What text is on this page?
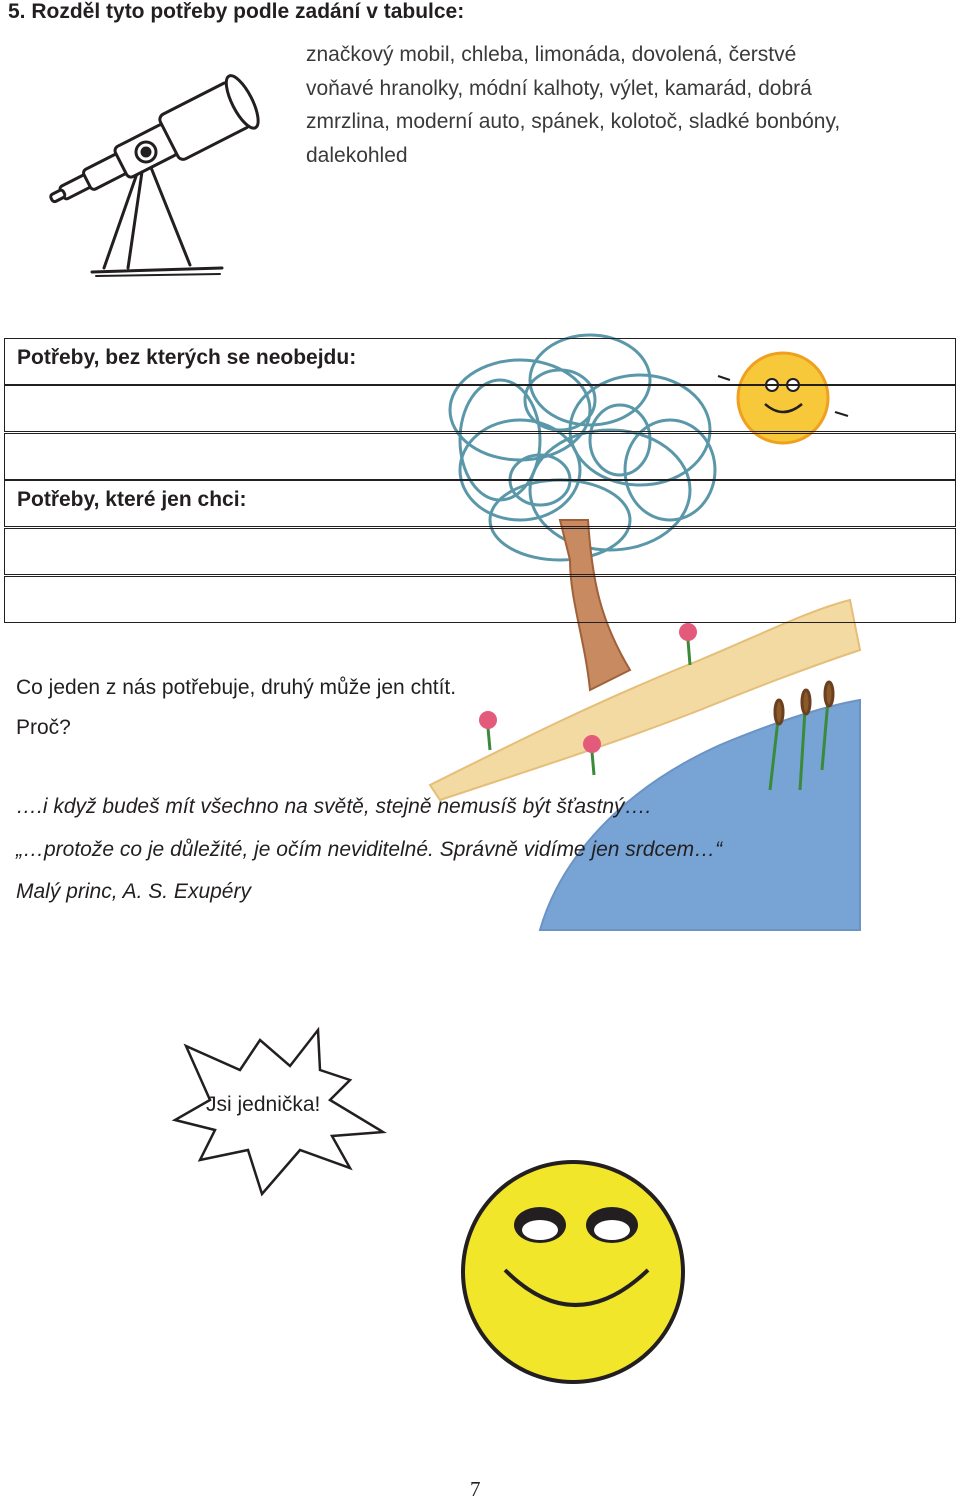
5. Rozděl tyto potřeby podle zadání v tabulce:
značkový mobil, chleba, limonáda, dovolená, čerstvé
voňavé hranolky, módní kalhoty, výlet, kamarád, dobrá
zmrzlina, moderní auto, spánek, kolotoč, sladké bonbóny,
dalekohled
Potřeby, bez kterých se neobejdu:
Potřeby, které jen chci:
Co jeden z nás potřebuje, druhý může jen chtít.
Proč?
….i když budeš mít všechno na světě, stejně nemusíš být šťastný….
„…protože co je důležité, je očím neviditelné. Správně vidíme jen srdcem…“
Malý princ, A. S. Exupéry
Jsi jednička!
7
